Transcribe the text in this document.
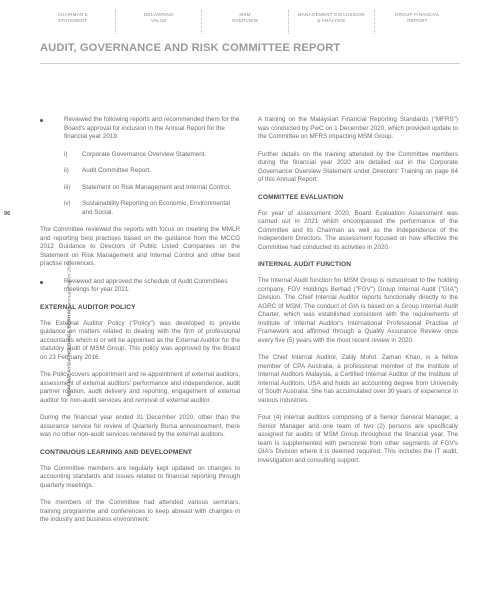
CHAIRMAN'S
STATEMENT
DELIVERING
VALUE
MSM
OVERVIEW
MANAGEMENT DISCUSSION
& ANALYSIS
GROUP FINANCIAL
REPORT
AUDIT, GOVERNANCE AND RISK COMMITTEE REPORT
96
MSM MALAYSIA HOLDINGS BERHAD Annual Report 2020
Reviewed the following reports and recommended them for the Board's approval for inclusion in the Annual Report for the financial year 2019:
i)	Corporate Governance Overview Statement.
ii)	Audit Committee Report.
iii)	Statement on Risk Management and Internal Control.
iv)	Sustainability Reporting on Economic, Environmental and Social.

The Committee reviewed the reports with focus on meeting the MMLR and reporting best practises based on the guidance from the MCCG 2012 Guidance to Directors of Public Listed Companies on the Statement on Risk Management and Internal Control and other best practise references.

Reviewed and approved the schedule of Audit Committees meetings for year 2021.
EXTERNAL AUDITOR POLICY

The External Auditor Policy ("Policy") was developed to provide guidance on matters related to dealing with the firm of professional accountants which is or will be appointed as the External Auditor for the statutory audit of MSM Group. This policy was approved by the Board on 23 February 2016.

The Policy covers appointment and re-appointment of external auditors, assessment of external auditors' performance and independence, audit partner rotation, audit delivery and reporting, engagement of external auditor for non-audit services and removal of external auditor.

During the financial year ended 31 December 2020, other than the assurance service for review of Quarterly Bursa announcement, there was no other non-audit services rendered by the external auditors.

CONTINUOUS LEARNING AND DEVELOPMENT

The Committee members are regularly kept updated on changes to accounting standards and issues related to financial reporting through quarterly meetings.

The members of the Committee had attended various seminars, training programme and conferences to keep abreast with changes in the industry and business environment.

A training on the Malaysian Financial Reporting Standards ("MFRS") was conducted by PwC on 1 December 2020, which provided update to the Committee on MFRS impacting MSM Group.

Further details on the training attended by the Committee members during the financial year 2020 are detailed out in the Corporate Governance Overview Statement under Directors' Training on page 84 of this Annual Report.

COMMITTEE EVALUATION

For year of assessment 2020, Board Evaluation Assessment was carried out in 2021 which encompassed the performance of the Committee and its Chairman as well as the Independence of the Independent Directors. The assessment focused on how effective the Committee had conducted its activities in 2020.

INTERNAL AUDIT FUNCTION

The Internal Audit function for MSM Group is outsourced to the holding company, FGV Holdings Berhad ("FGV") Group Internal Audit ("GIA") Division. The Chief Internal Auditor reports functionally directly to the AGRC of MSM. The conduct of GIA is based on a Group Internal Audit Charter, which was established consistent with the requirements of Institute of Internal Auditor's International Professional Practise of Framework and affirmed through a Quality Assurance Review once every five (5) years with the most recent review in 2020.

The Chief Internal Auditor, Zalily Mohd. Zaman Khan, is a fellow member of CPA Australia, a professional member of the Institute of Internal Auditors Malaysia, a Certified Internal Auditor of the Institute of Internal Auditors, USA and holds an accounting degree from University of South Australia. She has accumulated over 30 years of experience in various industries.

Four (4) internal auditors comprising of a Senior General Manager, a Senior Manager and one team of two (2) persons are specifically assigned for audits of MSM Group throughout the financial year. The team is supplemented with personnel from other segments of FGV's GIA's Division where it is deemed required. This includes the IT audit, investigation and consulting support.
